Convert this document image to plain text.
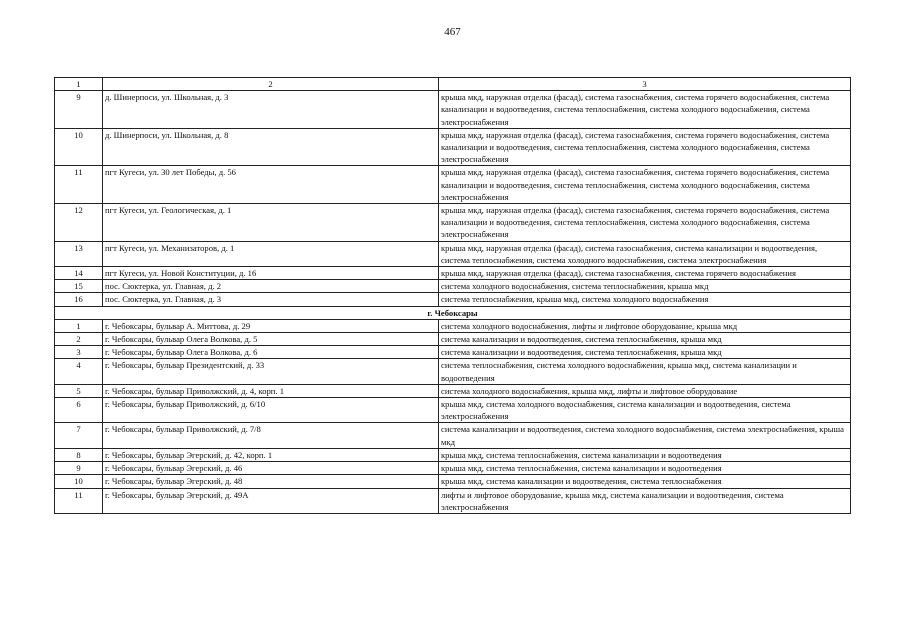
467
1	2	3
9	д. Шинерпоси, ул. Школьная, д. 3	крыша мкд, наружная отделка (фасад), система газоснабжения, система горячего водоснабжения, система канализации и водоотведения, система теплоснабжения, система холодного водоснабжения, система электроснабжения
10	д. Шинерпоси, ул. Школьная, д. 8	крыша мкд, наружная отделка (фасад), система газоснабжения, система горячего водоснабжения, система канализации и водоотведения, система теплоснабжения, система холодного водоснабжения, система электроснабжения
11	пгт Кугеси, ул. 30 лет Победы, д. 56	крыша мкд, наружная отделка (фасад), система газоснабжения, система горячего водоснабжения, система канализации и водоотведения, система теплоснабжения, система холодного водоснабжения, система электроснабжения
12	пгт Кугеси, ул. Геологическая, д. 1	крыша мкд, наружная отделка (фасад), система газоснабжения, система горячего водоснабжения, система канализации и водоотведения, система теплоснабжения, система холодного водоснабжения, система электроснабжения
13	пгт Кугеси, ул. Механизаторов, д. 1	крыша мкд, наружная отделка (фасад), система газоснабжения, система канализации и водоотведения, система теплоснабжения, система холодного водоснабжения, система электроснабжения
14	пгт Кугеси, ул. Новой Конституции, д. 16	крыша мкд, наружная отделка (фасад), система газоснабжения, система горячего водоснабжения
15	пос. Сюктерка, ул. Главная, д. 2	система холодного водоснабжения, система теплоснабжения, крыша мкд
16	пос. Сюктерка, ул. Главная, д. 3	система теплоснабжения, крыша мкд, система холодного водоснабжения
г. Чебоксары		
1	г. Чебоксары, бульвар А. Миттова, д. 29	система холодного водоснабжения, лифты и лифтовое оборудование, крыша мкд
2	г. Чебоксары, бульвар Олега Волкова, д. 5	система канализации и водоотведения, система теплоснабжения, крыша мкд
3	г. Чебоксары, бульвар Олега Волкова, д. 6	система канализации и водоотведения, система теплоснабжения, крыша мкд
4	г. Чебоксары, бульвар Президентский, д. 33	система теплоснабжения, система холодного водоснабжения, крыша мкд, система канализации и водоотведения
5	г. Чебоксары, бульвар Приволжский, д. 4, корп. 1	система холодного водоснабжения, крыша мкд, лифты и лифтовое оборудование
6	г. Чебоксары, бульвар Приволжский, д. 6/10	крыша мкд, система холодного водоснабжения, система канализации и водоотведения, система электроснабжения
7	г. Чебоксары, бульвар Приволжский, д. 7/8	система канализации и водоотведения, система холодного водоснабжения, система электроснабжения, крыша мкд
8	г. Чебоксары, бульвар Эгерский, д. 42, корп. 1	крыша мкд, система теплоснабжения, система канализации и водоотведения
9	г. Чебоксары, бульвар Эгерский, д. 46	крыша мкд, система теплоснабжения, система канализации и водоотведения
10	г. Чебоксары, бульвар Эгерский, д. 48	крыша мкд, система канализации и водоотведения, система теплоснабжения
11	г. Чебоксары, бульвар Эгерский, д. 49А	лифты и лифтовое оборудование, крыша мкд, система канализации и водоотведения, система электроснабжения
